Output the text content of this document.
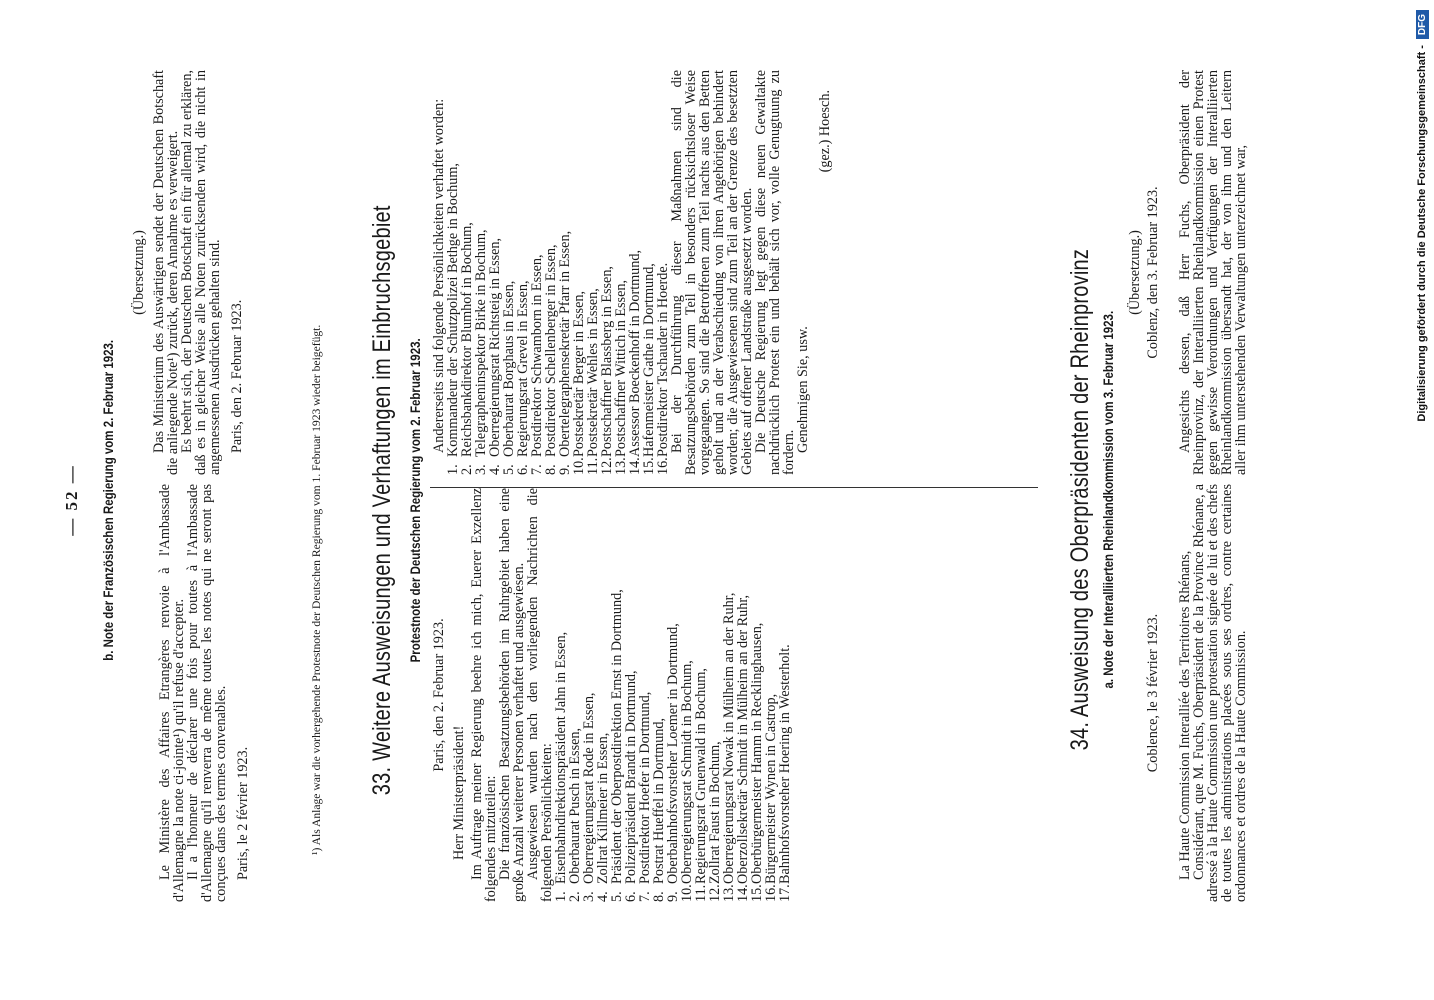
— 52 — b. Note der Französischen Regierung vom 2. Februar 1923.	Le Ministère des Affaires Etrangères renvoie à l'Ambassade d'Allemagne la note ci-jointe¹) qu'il refuse d'accepter.

Il a l'honneur de déclarer une fois pour toutes à l'Ambassade d'Allemagne qu'il renverra de même toutes les notes qui ne seront pas conçues dans des termes convenables. Paris, le 2 février 1923.

(Übersetzung.) Das Ministerium des Auswärtigen sendet der Deutschen Botschaft die anliegende Note¹) zurück, deren Annahme es verweigert.

Es beehrt sich, der Deutschen Botschaft ein für allemal zu erklären, daß es in gleicher Weise alle Noten zurücksenden wird, die nicht in angemessenen Ausdrücken gehalten sind. Paris, den 2. Februar 1923.	¹) Als Anlage war die vorhergehende Protestnote der Deutschen Regierung vom 1. Februar 1923 wieder beigefügt. 33. Weitere Ausweisungen und Verhaftungen im Einbruchsgebiet Protestnote der Deutschen Regierung vom 2. Februar 1923.

Paris, den 2. Februar 1923.

Herr Ministerpräsident! Im Auftrage meiner Regierung beehre ich mich, Euerer Exzellenz folgendes mitzuteilen:

Die französischen Besatzungsbehörden im Ruhrgebiet haben eine große Anzahl weiterer Personen verhaftet und ausgewiesen.

Ausgewiesen wurden nach den vorliegenden Nachrichten die folgenden Persönlichkeiten:

1.
Eisenbahndirektionspräsident Jahn in Essen,
2.
Oberbaurat Pusch in Essen,
3.
Oberregierungsrat Rode in Essen,
4.
Zollrat Killmeier in Essen,
5.
Präsident der Oberpostdirektion Ernst in Dortmund,
6.
Polizeipräsident Brandt in Dortmund,
7.
Postdirektor Hoefer in Dortmund,
8.
Postrat Hueffel in Dortmund,
9.
Oberbahnhofsvorsteher Loemer in Dortmund,
10.
Oberregierungsrat Schmidt in Bochum,
11.
Regierungsrat Gruenwald in Bochum,
12.
Zollrat Faust in Bochum,
13.
Oberregierungsrat Nowak in Mülheim an der Ruhr,
14.
Oberzollsekretär Schmidt in Mülheim an der Ruhr,
15.
Oberbürgermeister Hamm in Recklinghausen,
16.
Bürgermeister Wynen in Castrop,
17.
Bahnhofsvorsteher Hoering in Westerholt.

Andererseits sind folgende Persönlichkeiten verhaftet worden:

1.
Kommandeur der Schutzpolizei Bethge in Bochum,
2.
Reichsbankdirektor Blumhof in Bochum,
3.
Telegrapheninspektor Birke in Bochum,
4.
Oberregierungsrat Richtsteig in Essen,
5.
Oberbaurat Borghaus in Essen,
6.
Regierungsrat Grevel in Essen,
7.
Postdirektor Schwamborn in Essen,
8.
Postdirektor Schellenberger in Essen,
9.
Obertelegraphensekretär Pfarr in Essen,
10.
Postsekretär Berger in Essen,
11.
Postsekretär Wehles in Essen,
12.
Postschaffner Blassberg in Essen,
13.
Postschaffner Wittich in Essen,
14.
Assessor Boeckenhoff in Dortmund,
15.
Hafenmeister Gathe in Dortmund,
16.
Postdirektor Tschauder in Hoerde.

Bei der Durchführung dieser Maßnahmen sind die Besatzungsbehörden zum Teil in besonders rücksichtsloser Weise vorgegangen. So sind die Betroffenen zum Teil nachts aus den Betten geholt und an der Verabschiedung von ihren Angehörigen behindert worden; die Ausgewiesenen sind zum Teil an der Grenze des besetzten Gebiets auf offener Landstraße ausgesetzt worden.

Die Deutsche Regierung legt gegen diese neuen Gewaltakte nachdrücklich Protest ein und behält sich vor, volle Genugtuung zu fordern.

Genehmigen Sie, usw.

(gez.) Hoesch.

34. Ausweisung des Oberpräsidenten der Rheinprovinz a. Note der Interalliierten Rheinlandkommission vom 3. Februar 1923.

Coblence, le 3 février 1923. La Haute Commission Interalliée des Territoires Rhénans,

Considérant, que M. Fuchs, Oberpräsident de la Province Rhénane, a adressé à la Haute Commission une protestation signée de lui et des chefs de toutes les administrations placées sous ses ordres, contre certaines ordonnances et ordres de la Haute Commission.

(Übersetzung.) Coblenz, den 3. Februar 1923. Angesichts dessen, daß Herr Fuchs, Oberpräsident der Rheinprovinz, der Interalliierten Rheinlandkommission einen Protest gegen gewisse Verordnungen und Verfügungen der Interalliierten Rheinlandkommission übersandt hat, der von ihm und den Leitern aller ihm unterstehenden Verwaltungen unterzeichnet war,	Digitalisierung gefördert durch die Deutsche Forschungsgemeinschaft -
DFG
